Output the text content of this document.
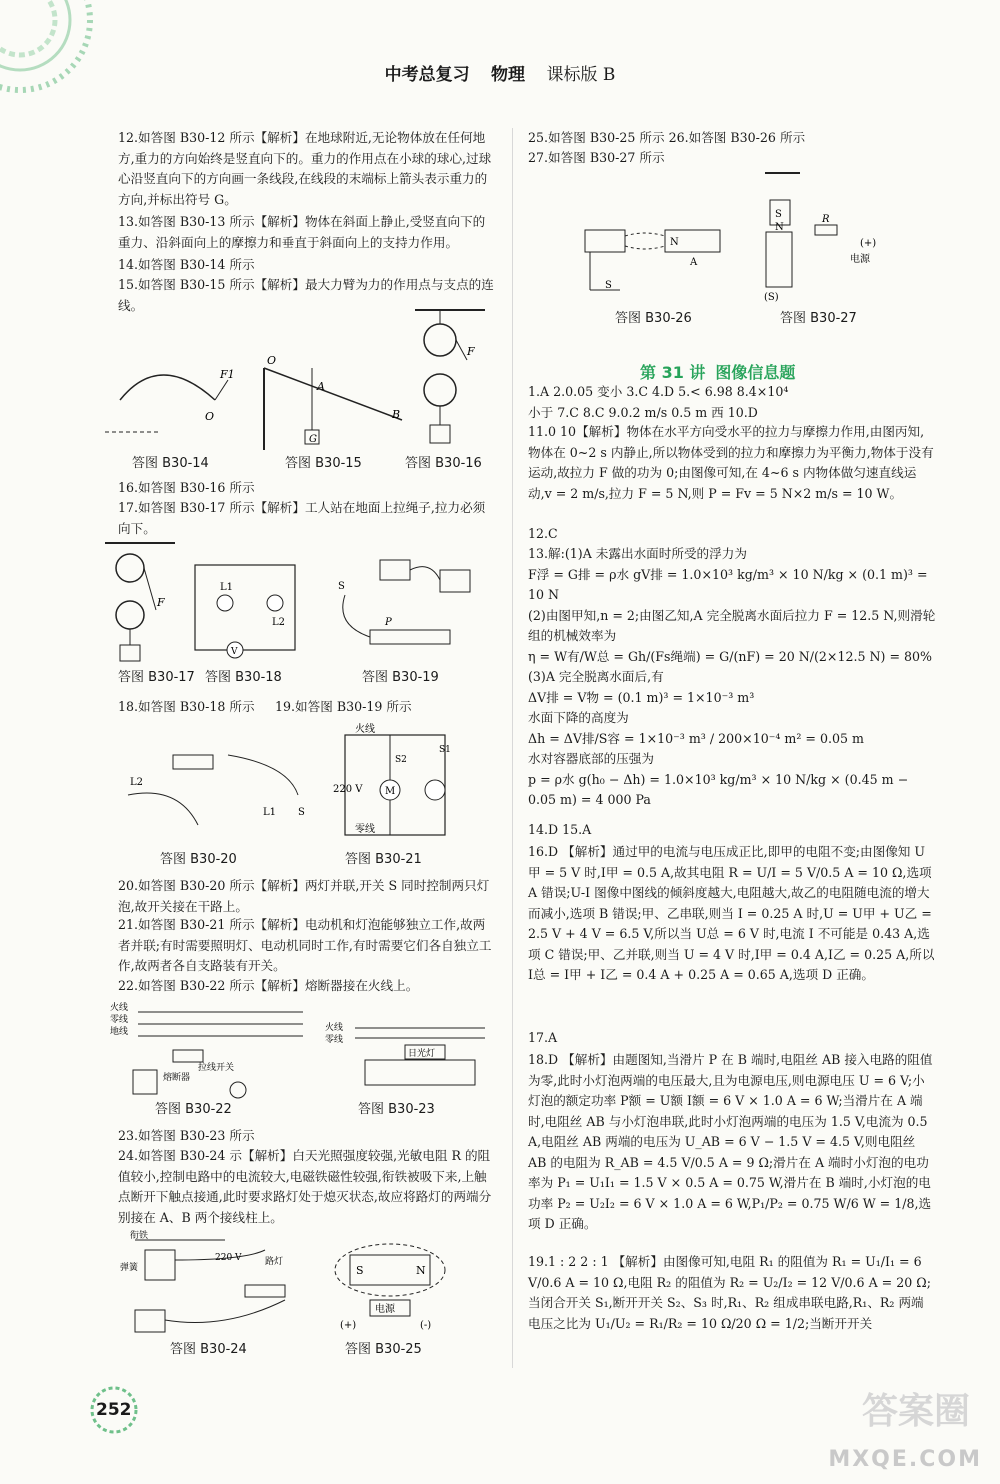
中考总复习 物理 课标版 B

12.如答图 B30-12 所示【解析】在地球附近,无论物体放在任何地方,重力的方向始终是竖直向下的。重力的作用点在小球的球心,过球心沿竖直向下的方向画一条线段,在线段的末端标上箭头表示重力的方向,并标出符号 G。

13.如答图 B30-13 所示【解析】物体在斜面上静止,受竖直向下的重力、沿斜面向上的摩擦力和垂直于斜面向上的支持力作用。

14.如答图 B30-14 所示

15.如答图 B30-15 所示【解析】最大力臂为力的作用点与支点的连线。

O
F1
答图 B30-14
O
G
A
B
答图 B30-15
F
答图 B30-16

16.如答图 B30-16 所示

17.如答图 B30-17 所示【解析】工人站在地面上拉绳子,拉力必须向下。

F
答图 B30-17
V
L1
L2
答图 B30-18
S
P
答图 B30-19

18.如答图 B30-18 所示	19.如答图 B30-19 所示

L2
L1 S
答图 B30-20
M
火线
零线
220 V
S2
S1
答图 B30-21

20.如答图 B30-20 所示【解析】两灯并联,开关 S 同时控制两只灯泡,故开关接在干路上。

21.如答图 B30-21 所示【解析】电动机和灯泡能够独立工作,故两者并联;有时需要照明灯、电动机同时工作,有时需要它们各自独立工作,故两者各自支路装有开关。

22.如答图 B30-22 所示【解析】熔断器接在火线上。

火线
零线
地线
熔断器
拉线开关
答图 B30-22
火线
零线
日光灯
答图 B30-23

23.如答图 B30-23 所示

24.如答图 B30-24 示【解析】白天光照强度较强,光敏电阻 R 的阻值较小,控制电路中的电流较大,电磁铁磁性较强,衔铁被吸下来,上触点断开下触点接通,此时要求路灯处于熄灭状态,故应将路灯的两端分别接在 A、B 两个接线柱上。

衔铁
弹簧
220 V	路灯
答图 B30-24
S	N
电源
(+)	(-)
答图 B30-25

25.如答图 B30-25 所示 26.如答图 B30-26 所示

27.如答图 B30-27 所示

N
A
S
答图 B30-26
S
N
R
(+)
电源
(S)
答图 B30-27
第 31 讲 图像信息题

1.A 2.0.05 变小 3.C 4.D 5.< 6.98 8.4×10⁴

小于 7.C 8.C 9.0.2 m/s 0.5 m 西 10.D

11.0 10【解析】物体在水平方向受水平的拉力与摩擦力作用,由图丙知,物体在 0~2 s 内静止,所以物体受到的拉力和摩擦力为平衡力,物体于没有运动,故拉力 F 做的功为 0;由图像可知,在 4~6 s 内物体做匀速直线运动,v = 2 m/s,拉力 F = 5 N,则 P = Fv = 5 N×2 m/s = 10 W。

12.C

13.解:(1)A 未露出水面时所受的浮力为

F浮 = G排 = ρ水 gV排 = 1.0×10³ kg/m³ × 10 N/kg × (0.1 m)³ = 10 N

(2)由图甲知,n = 2;由图乙知,A 完全脱离水面后拉力 F = 12.5 N,则滑轮组的机械效率为

η = W有/W总 = Gh/(Fs绳端) = G/(nF) = 20 N/(2×12.5 N) = 80%

(3)A 完全脱离水面后,有

ΔV排 = V物 = (0.1 m)³ = 1×10⁻³ m³

水面下降的高度为

Δh = ΔV排/S容 = 1×10⁻³ m³ / 200×10⁻⁴ m² = 0.05 m

水对容器底部的压强为

p = ρ水 g(h₀ − Δh) = 1.0×10³ kg/m³ × 10 N/kg × (0.45 m − 0.05 m) = 4 000 Pa

14.D 15.A

16.D 【解析】通过甲的电流与电压成正比,即甲的电阻不变;由图像知 U甲 = 5 V 时,I甲 = 0.5 A,故其电阻 R = U/I = 5 V/0.5 A = 10 Ω,选项 A 错误;U-I 图像中图线的倾斜度越大,电阻越大,故乙的电阻随电流的增大而减小,选项 B 错误;甲、乙串联,则当 I = 0.25 A 时,U = U甲 + U乙 = 2.5 V + 4 V = 6.5 V,所以当 U总 = 6 V 时,电流 I 不可能是 0.43 A,选项 C 错误;甲、乙并联,则当 U = 4 V 时,I甲 = 0.4 A,I乙 = 0.25 A,所以 I总 = I甲 + I乙 = 0.4 A + 0.25 A = 0.65 A,选项 D 正确。

17.A

18.D 【解析】由题图知,当滑片 P 在 B 端时,电阻丝 AB 接入电路的阻值为零,此时小灯泡两端的电压最大,且为电源电压,则电源电压 U = 6 V;小灯泡的额定功率 P额 = U额 I额 = 6 V × 1.0 A = 6 W;当滑片在 A 端时,电阻丝 AB 与小灯泡串联,此时小灯泡两端的电压为 1.5 V,电流为 0.5 A,电阻丝 AB 两端的电压为 U_AB = 6 V − 1.5 V = 4.5 V,则电阻丝 AB 的电阻为 R_AB = 4.5 V/0.5 A = 9 Ω;滑片在 A 端时小灯泡的电功率为 P₁ = U₁I₁ = 1.5 V × 0.5 A = 0.75 W,滑片在 B 端时,小灯泡的电功率 P₂ = U₂I₂ = 6 V × 1.0 A = 6 W,P₁/P₂ = 0.75 W/6 W = 1/8,选项 D 正确。

19.1 : 2 2 : 1 【解析】由图像可知,电阻 R₁ 的阻值为 R₁ = U₁/I₁ = 6 V/0.6 A = 10 Ω,电阻 R₂ 的阻值为 R₂ = U₂/I₂ = 12 V/0.6 A = 20 Ω;当闭合开关 S₁,断开开关 S₂、S₃ 时,R₁、R₂ 组成串联电路,R₁、R₂ 两端电压之比为 U₁/U₂ = R₁/R₂ = 10 Ω/20 Ω = 1/2;当断开开关

252	答案圈
MXQE.COM
